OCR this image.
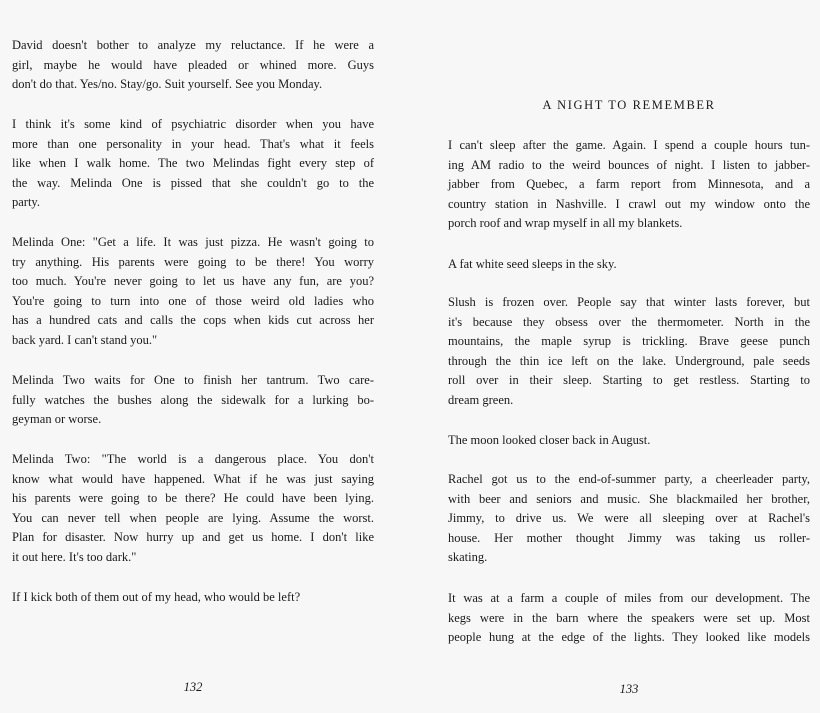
David doesn't bother to analyze my reluctance. If he were a
girl, maybe he would have pleaded or whined more. Guys
don't do that. Yes/no. Stay/go. Suit yourself. See you Monday.
I think it's some kind of psychiatric disorder when you have
more than one personality in your head. That's what it feels
like when I walk home. The two Melindas fight every step of
the way. Melinda One is pissed that she couldn't go to the
party.
Melinda One: "Get a life. It was just pizza. He wasn't going to
try anything. His parents were going to be there! You worry
too much. You're never going to let us have any fun, are you?
You're going to turn into one of those weird old ladies who
has a hundred cats and calls the cops when kids cut across her
back yard. I can't stand you."
Melinda Two waits for One to finish her tantrum. Two care-
fully watches the bushes along the sidewalk for a lurking bo-
geyman or worse.
Melinda Two: "The world is a dangerous place. You don't
know what would have happened. What if he was just saying
his parents were going to be there? He could have been lying.
You can never tell when people are lying. Assume the worst.
Plan for disaster. Now hurry up and get us home. I don't like
it out here. It's too dark."
If I kick both of them out of my head, who would be left?

132

A NIGHT TO REMEMBER

I can't sleep after the game. Again. I spend a couple hours tun-
ing AM radio to the weird bounces of night. I listen to jabber-
jabber from Quebec, a farm report from Minnesota, and a
country station in Nashville. I crawl out my window onto the
porch roof and wrap myself in all my blankets.
A fat white seed sleeps in the sky.
Slush is frozen over. People say that winter lasts forever, but
it's because they obsess over the thermometer. North in the
mountains, the maple syrup is trickling. Brave geese punch
through the thin ice left on the lake. Underground, pale seeds
roll over in their sleep. Starting to get restless. Starting to
dream green.
The moon looked closer back in August.
Rachel got us to the end-of-summer party, a cheerleader party,
with beer and seniors and music. She blackmailed her brother,
Jimmy, to drive us. We were all sleeping over at Rachel's
house. Her mother thought Jimmy was taking us roller-
skating.
It was at a farm a couple of miles from our development. The
kegs were in the barn where the speakers were set up. Most
people hung at the edge of the lights. They looked like models

133
